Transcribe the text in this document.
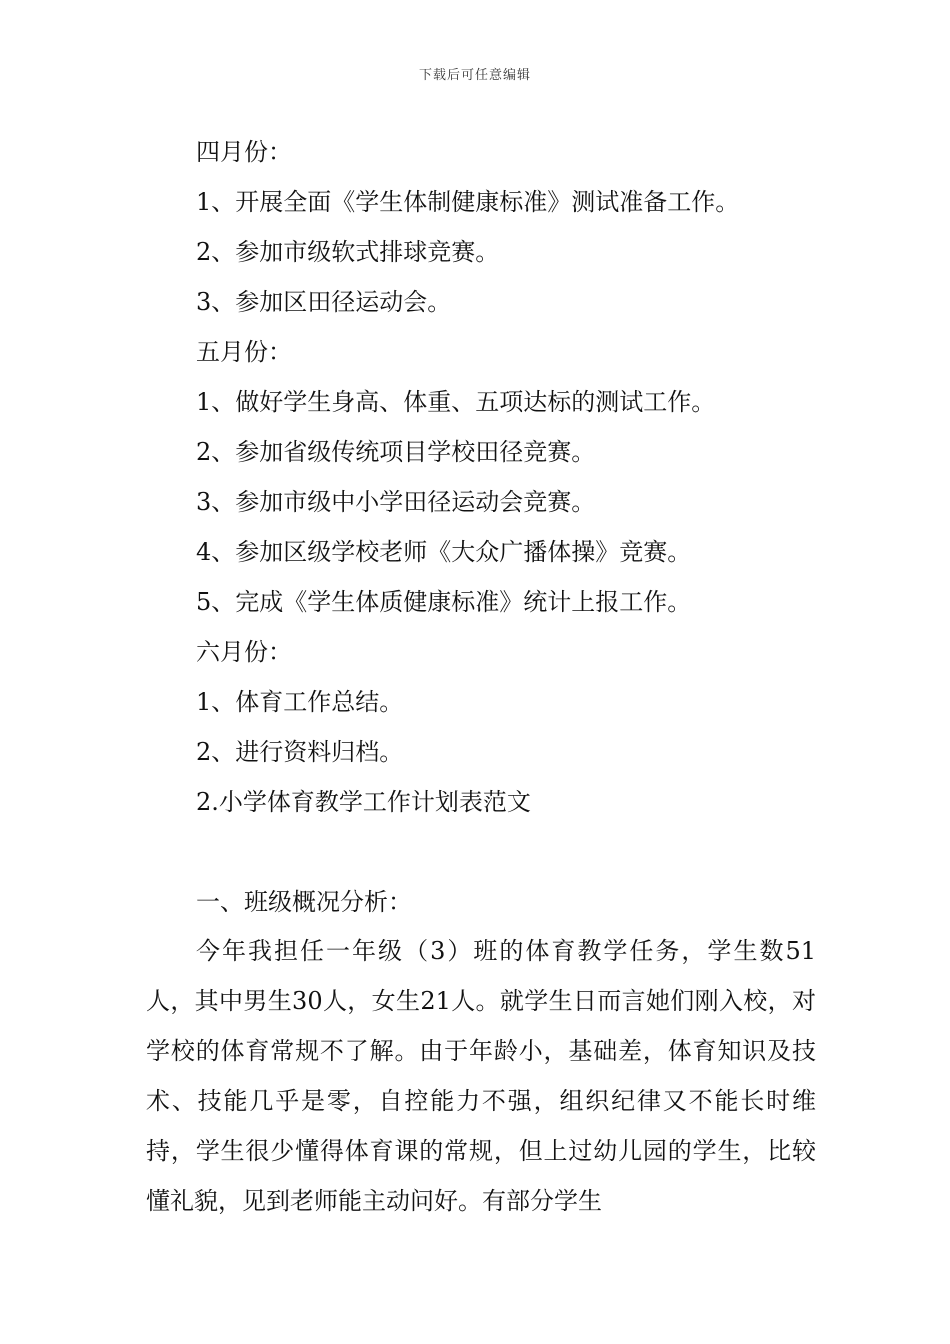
下载后可任意编辑
四月份：
1、开展全面《学生体制健康标准》测试准备工作。
2、参加市级软式排球竞赛。
3、参加区田径运动会。
五月份：
1、做好学生身高、体重、五项达标的测试工作。
2、参加省级传统项目学校田径竞赛。
3、参加市级中小学田径运动会竞赛。
4、参加区级学校老师《大众广播体操》竞赛。
5、完成《学生体质健康标准》统计上报工作。
六月份：
1、体育工作总结。
2、进行资料归档。
2.小学体育教学工作计划表范文
一、班级概况分析：
今年我担任一年级（3）班的体育教学任务，学生数51人，其中男生30人，女生21人。就学生日而言她们刚入校，对学校的体育常规不了解。由于年龄小，基础差，体育知识及技术、技能几乎是零，自控能力不强，组织纪律又不能长时维持，学生很少懂得体育课的常规，但上过幼儿园的学生，比较懂礼貌，见到老师能主动问好。有部分学生
